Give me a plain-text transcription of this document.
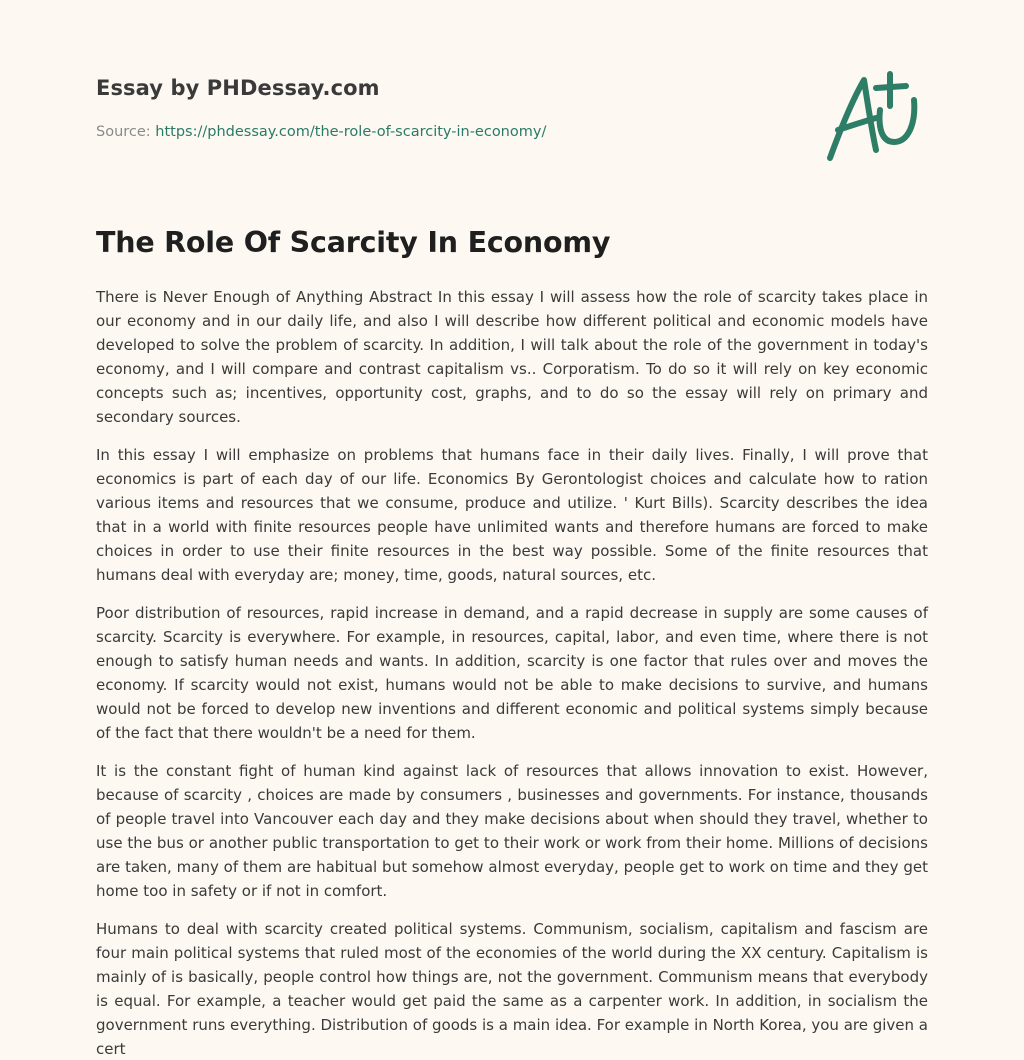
Essay by PHDessay.com
Source: https://phdessay.com/the-role-of-scarcity-in-economy/
The Role Of Scarcity In Economy

There is Never Enough of Anything Abstract In this essay I will assess how the role of scarcity takes place in our economy and in our daily life, and also I will describe how different political and economic models have developed to solve the problem of scarcity. In addition, I will talk about the role of the government in today's economy, and I will compare and contrast capitalism vs.. Corporatism. To do so it will rely on key economic concepts such as; incentives, opportunity cost, graphs, and to do so the essay will rely on primary and secondary sources.

In this essay I will emphasize on problems that humans face in their daily lives. Finally, I will prove that economics is part of each day of our life. Economics By Gerontologist choices and calculate how to ration various items and resources that we consume, produce and utilize. ' Kurt Bills). Scarcity describes the idea that in a world with finite resources people have unlimited wants and therefore humans are forced to make choices in order to use their finite resources in the best way possible. Some of the finite resources that humans deal with everyday are; money, time, goods, natural sources, etc.

Poor distribution of resources, rapid increase in demand, and a rapid decrease in supply are some causes of scarcity. Scarcity is everywhere. For example, in resources, capital, labor, and even time, where there is not enough to satisfy human needs and wants. In addition, scarcity is one factor that rules over and moves the economy. If scarcity would not exist, humans would not be able to make decisions to survive, and humans would not be forced to develop new inventions and different economic and political systems simply because of the fact that there wouldn't be a need for them.

It is the constant fight of human kind against lack of resources that allows innovation to exist. However, because of scarcity , choices are made by consumers , businesses and governments. For instance, thousands of people travel into Vancouver each day and they make decisions about when should they travel, whether to use the bus or another public transportation to get to their work or work from their home. Millions of decisions are taken, many of them are habitual but somehow almost everyday, people get to work on time and they get home too in safety or if not in comfort.

Humans to deal with scarcity created political systems. Communism, socialism, capitalism and fascism are four main political systems that ruled most of the economies of the world during the XX century. Capitalism is mainly of is basically, people control how things are, not the government. Communism means that everybody is equal. For example, a teacher would get paid the same as a carpenter work. In addition, in socialism the government runs everything. Distribution of goods is a main idea. For example in North Korea, you are given a cert
